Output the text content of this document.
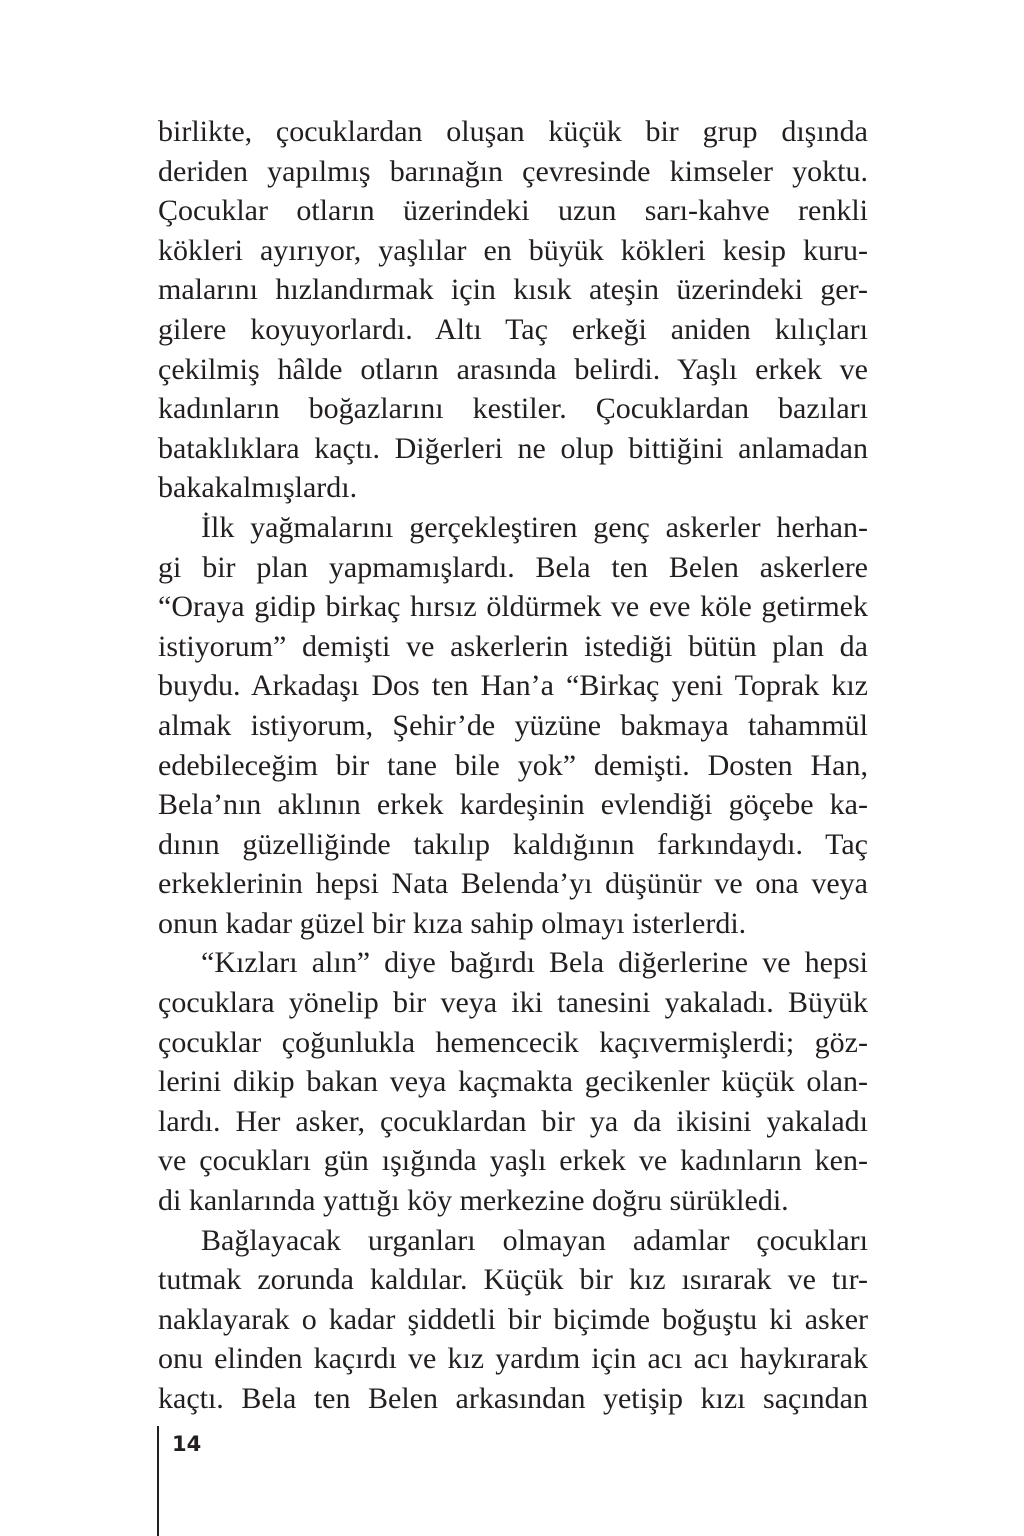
birlikte, çocuklardan oluşan küçük bir grup dışında
deriden yapılmış barınağın çevresinde kimseler yoktu.
Çocuklar otların üzerindeki uzun sarı-kahve renkli
kökleri ayırıyor, yaşlılar en büyük kökleri kesip kuru-
malarını hızlandırmak için kısık ateşin üzerindeki ger-
gilere koyuyorlardı. Altı Taç erkeği aniden kılıçları
çekilmiş hâlde otların arasında belirdi. Yaşlı erkek ve
kadınların boğazlarını kestiler. Çocuklardan bazıları
bataklıklara kaçtı. Diğerleri ne olup bittiğini anlamadan
bakakalmışlardı.

İlk yağmalarını gerçekleştiren genç askerler herhan-
gi bir plan yapmamışlardı. Bela ten Belen askerlere
“Oraya gidip birkaç hırsız öldürmek ve eve köle getirmek
istiyorum” demişti ve askerlerin istediği bütün plan da
buydu. Arkadaşı Dos ten Han’a “Birkaç yeni Toprak kız
almak istiyorum, Şehir’de yüzüne bakmaya tahammül
edebileceğim bir tane bile yok” demişti. Dosten Han,
Bela’nın aklının erkek kardeşinin evlendiği göçebe ka-
dının güzelliğinde takılıp kaldığının farkındaydı. Taç
erkeklerinin hepsi Nata Belenda’yı düşünür ve ona veya
onun kadar güzel bir kıza sahip olmayı isterlerdi.

“Kızları alın” diye bağırdı Bela diğerlerine ve hepsi
çocuklara yönelip bir veya iki tanesini yakaladı. Büyük
çocuklar çoğunlukla hemencecik kaçıvermişlerdi; göz-
lerini dikip bakan veya kaçmakta gecikenler küçük olan-
lardı. Her asker, çocuklardan bir ya da ikisini yakaladı
ve çocukları gün ışığında yaşlı erkek ve kadınların ken-
di kanlarında yattığı köy merkezine doğru sürükledi.

Bağlayacak urganları olmayan adamlar çocukları
tutmak zorunda kaldılar. Küçük bir kız ısırarak ve tır-
naklayarak o kadar şiddetli bir biçimde boğuştu ki asker
onu elinden kaçırdı ve kız yardım için acı acı haykırarak
kaçtı. Bela ten Belen arkasından yetişip kızı saçından

14
